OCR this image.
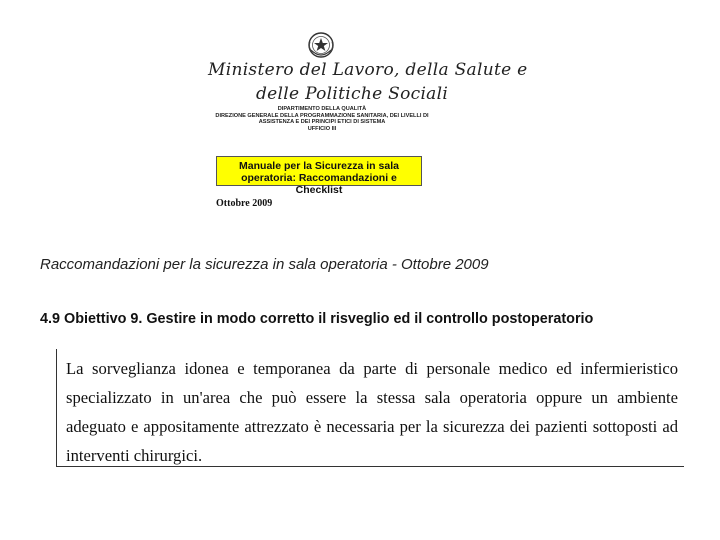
Ministero del Lavoro, della Salute e
delle Politiche Sociali
DIPARTIMENTO DELLA QUALITÀ
DIREZIONE GENERALE DELLA PROGRAMMAZIONE SANITARIA, DEI LIVELLI DI
ASSISTENZA E DEI PRINCIPI ETICI DI SISTEMA
UFFICIO III
Manuale per la Sicurezza in sala operatoria: Raccomandazioni e Checklist
Ottobre 2009
Raccomandazioni per la sicurezza in sala operatoria - Ottobre 2009
4.9 Obiettivo 9. Gestire in modo corretto il risveglio ed il controllo postoperatorio
La sorveglianza idonea e temporanea da parte di personale medico ed infermieristico specializzato in un'area che può essere la stessa sala operatoria oppure un ambiente adeguato e appositamente attrezzato è necessaria per la sicurezza dei pazienti sottoposti ad interventi chirurgici.
